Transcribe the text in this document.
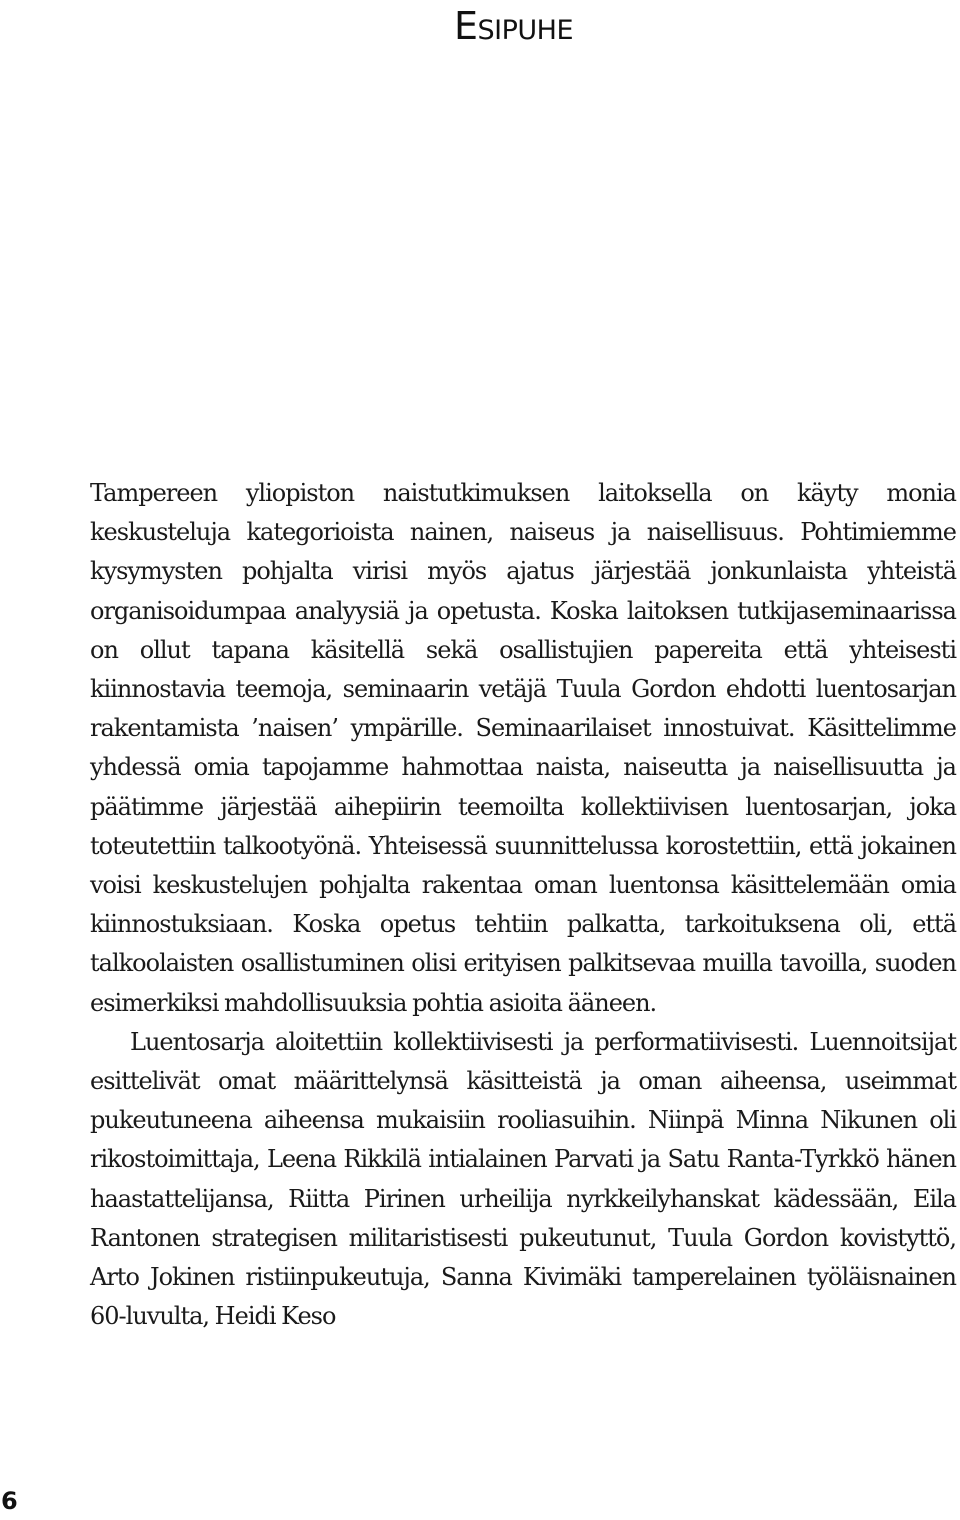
Esipuhe

Tampereen yliopiston naistutkimuksen laitoksella on käyty monia keskusteluja kategorioista nainen, naiseus ja naisellisuus. Pohtimiemme kysymysten pohjalta virisi myös ajatus järjestää jonkunlaista yhteistä organisoidumpaa analyysiä ja opetusta. Koska laitoksen tutkijaseminaarissa on ollut tapana käsitellä sekä osallistujien papereita että yhteisesti kiinnostavia teemoja, seminaarin vetäjä Tuula Gordon ehdotti luentosarjan rakentamista ’naisen’ ympärille. Seminaarilaiset innostuivat. Käsittelimme yhdessä omia tapojamme hahmottaa naista, naiseutta ja naisellisuutta ja päätimme järjestää aihepiirin teemoilta kollektiivisen luentosarjan, joka toteutettiin talkootyönä. Yhteisessä suunnittelussa korostettiin, että jokainen voisi keskustelujen pohjalta rakentaa oman luentonsa käsittelemään omia kiinnostuksiaan. Koska opetus tehtiin palkatta, tarkoituksena oli, että talkoolaisten osallistuminen olisi erityisen palkitsevaa muilla tavoilla, suoden esimerkiksi mahdollisuuksia pohtia asioita ääneen.

Luentosarja aloitettiin kollektiivisesti ja performatiivisesti. Luennoitsijat esittelivät omat määrittelynsä käsitteistä ja oman aiheensa, useimmat pukeutuneena aiheensa mukaisiin rooliasuihin. Niinpä Minna Nikunen oli rikostoimittaja, Leena Rikkilä intialainen Parvati ja Satu Ranta-Tyrkkö hänen haastattelijansa, Riitta Pirinen urheilija nyrkkeilyhanskat kädessään, Eila Rantonen strategisen militaristisesti pukeutunut, Tuula Gordon kovistyttö, Arto Jokinen ristiinpukeutuja, Sanna Kivimäki tamperelainen työläisnainen 60-luvulta, Heidi Keso

6
